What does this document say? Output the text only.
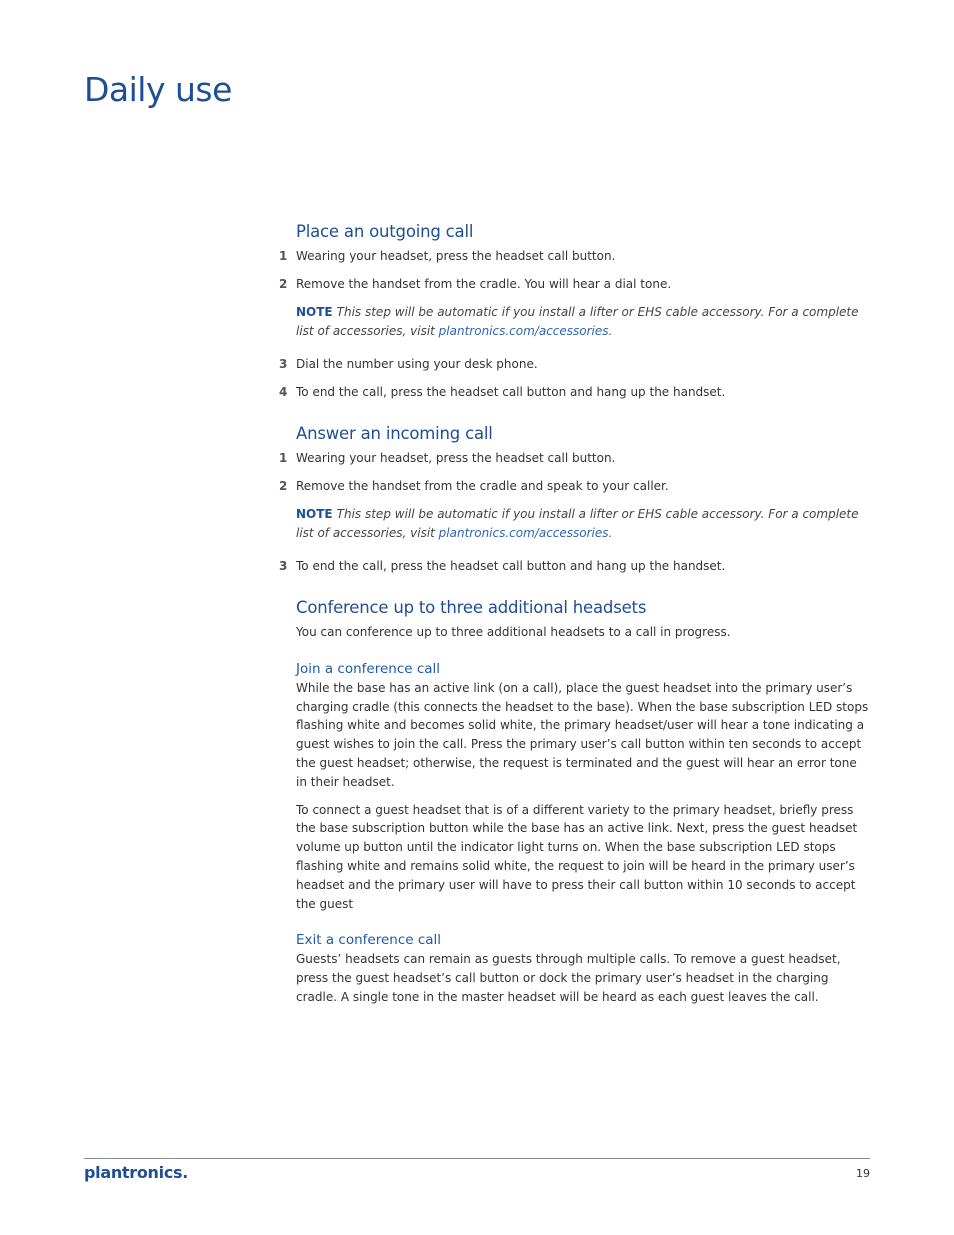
Daily use
Place an outgoing call
1 Wearing your headset, press the headset call button.
2 Remove the handset from the cradle. You will hear a dial tone.
NOTE This step will be automatic if you install a lifter or EHS cable accessory. For a complete list of accessories, visit plantronics.com/accessories.
3 Dial the number using your desk phone.
4 To end the call, press the headset call button and hang up the handset.
Answer an incoming call
1 Wearing your headset, press the headset call button.
2 Remove the handset from the cradle and speak to your caller.
NOTE This step will be automatic if you install a lifter or EHS cable accessory. For a complete list of accessories, visit plantronics.com/accessories.
3 To end the call, press the headset call button and hang up the handset.
Conference up to three additional headsets

You can conference up to three additional headsets to a call in progress.

Join a conference call

While the base has an active link (on a call), place the guest headset into the primary user’s charging cradle (this connects the headset to the base). When the base subscription LED stops flashing white and becomes solid white, the primary headset/user will hear a tone indicating a guest wishes to join the call. Press the primary user’s call button within ten seconds to accept the guest headset; otherwise, the request is terminated and the guest will hear an error tone in their headset.

To connect a guest headset that is of a different variety to the primary headset, briefly press the base subscription button while the base has an active link. Next, press the guest headset volume up button until the indicator light turns on. When the base subscription LED stops flashing white and remains solid white, the request to join will be heard in the primary user’s headset and the primary user will have to press their call button within 10 seconds to accept the guest

Exit a conference call

Guests’ headsets can remain as guests through multiple calls. To remove a guest headset, press the guest headset’s call button or dock the primary user’s headset in the charging cradle. A single tone in the master headset will be heard as each guest leaves the call.

plantronics.	19
